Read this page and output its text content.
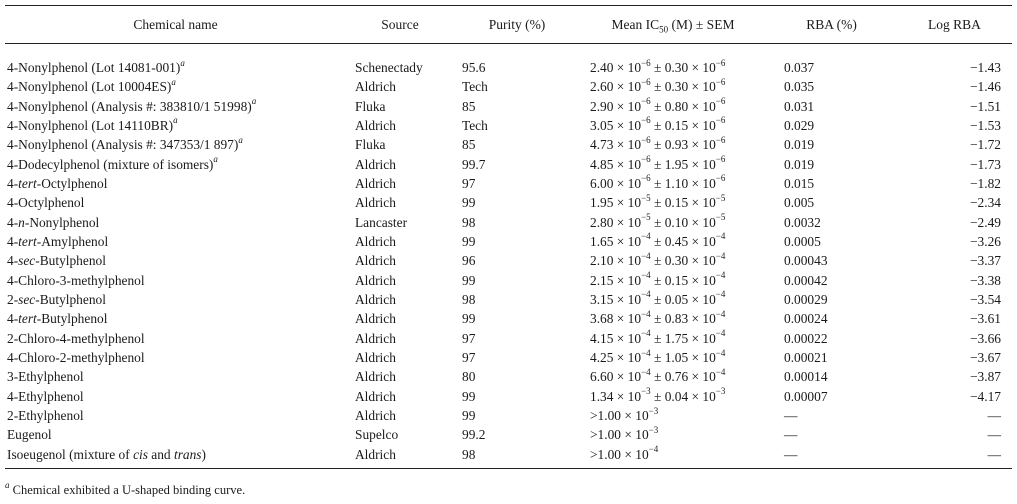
Chemical name	Source	Purity (%)	Mean $IC_{50}$ (M) ± SEM	RBA (%)	Log RBA
4-Nonylphenol (Lot 14081-001)$^a$	Schenectady	95.6	$2.40 \times 10^{-6} \pm 0.30 \times 10^{-6}$	0.037	−1.43
4-Nonylphenol (Lot 10004ES)$^a$	Aldrich	Tech	$2.60 \times 10^{-6} \pm 0.30 \times 10^{-6}$	0.035	−1.46
4-Nonylphenol (Analysis #: 383810/1 51998)$^a$	Fluka	85	$2.90 \times 10^{-6} \pm 0.80 \times 10^{-6}$	0.031	−1.51
4-Nonylphenol (Lot 14110BR)$^a$	Aldrich	Tech	$3.05 \times 10^{-6} \pm 0.15 \times 10^{-6}$	0.029	−1.53
4-Nonylphenol (Analysis #: 347353/1 897)$^a$	Fluka	85	$4.73 \times 10^{-6} \pm 0.93 \times 10^{-6}$	0.019	−1.72
4-Dodecylphenol (mixture of isomers)$^a$	Aldrich	99.7	$4.85 \times 10^{-6} \pm 1.95 \times 10^{-6}$	0.019	−1.73
4-tert-Octylphenol	Aldrich	97	$6.00 \times 10^{-6} \pm 1.10 \times 10^{-6}$	0.015	−1.82
4-Octylphenol	Aldrich	99	$1.95 \times 10^{-5} \pm 0.15 \times 10^{-5}$	0.005	−2.34
4-n-Nonylphenol	Lancaster	98	$2.80 \times 10^{-5} \pm 0.10 \times 10^{-5}$	0.0032	−2.49
4-tert-Amylphenol	Aldrich	99	$1.65 \times 10^{-4} \pm 0.45 \times 10^{-4}$	0.0005	−3.26
4-sec-Butylphenol	Aldrich	96	$2.10 \times 10^{-4} \pm 0.30 \times 10^{-4}$	0.00043	−3.37
4-Chloro-3-methylphenol	Aldrich	99	$2.15 \times 10^{-4} \pm 0.15 \times 10^{-4}$	0.00042	−3.38
2-sec-Butylphenol	Aldrich	98	$3.15 \times 10^{-4} \pm 0.05 \times 10^{-4}$	0.00029	−3.54
4-tert-Butylphenol	Aldrich	99	$3.68 \times 10^{-4} \pm 0.83 \times 10^{-4}$	0.00024	−3.61
2-Chloro-4-methylphenol	Aldrich	97	$4.15 \times 10^{-4} \pm 1.75 \times 10^{-4}$	0.00022	−3.66
4-Chloro-2-methylphenol	Aldrich	97	$4.25 \times 10^{-4} \pm 1.05 \times 10^{-4}$	0.00021	−3.67
3-Ethylphenol	Aldrich	80	$6.60 \times 10^{-4} \pm 0.76 \times 10^{-4}$	0.00014	−3.87
4-Ethylphenol	Aldrich	99	$1.34 \times 10^{-3} \pm 0.04 \times 10^{-3}$	0.00007	−4.17
2-Ethylphenol	Aldrich	99	$>1.00 \times 10^{-3}$	—	—
Eugenol	Supelco	99.2	$>1.00 \times 10^{-3}$	—	—
Isoeugenol (mixture of cis and trans)	Aldrich	98	$>1.00 \times 10^{-4}$	—	—
$^a$ Chemical exhibited a U-shaped binding curve.
